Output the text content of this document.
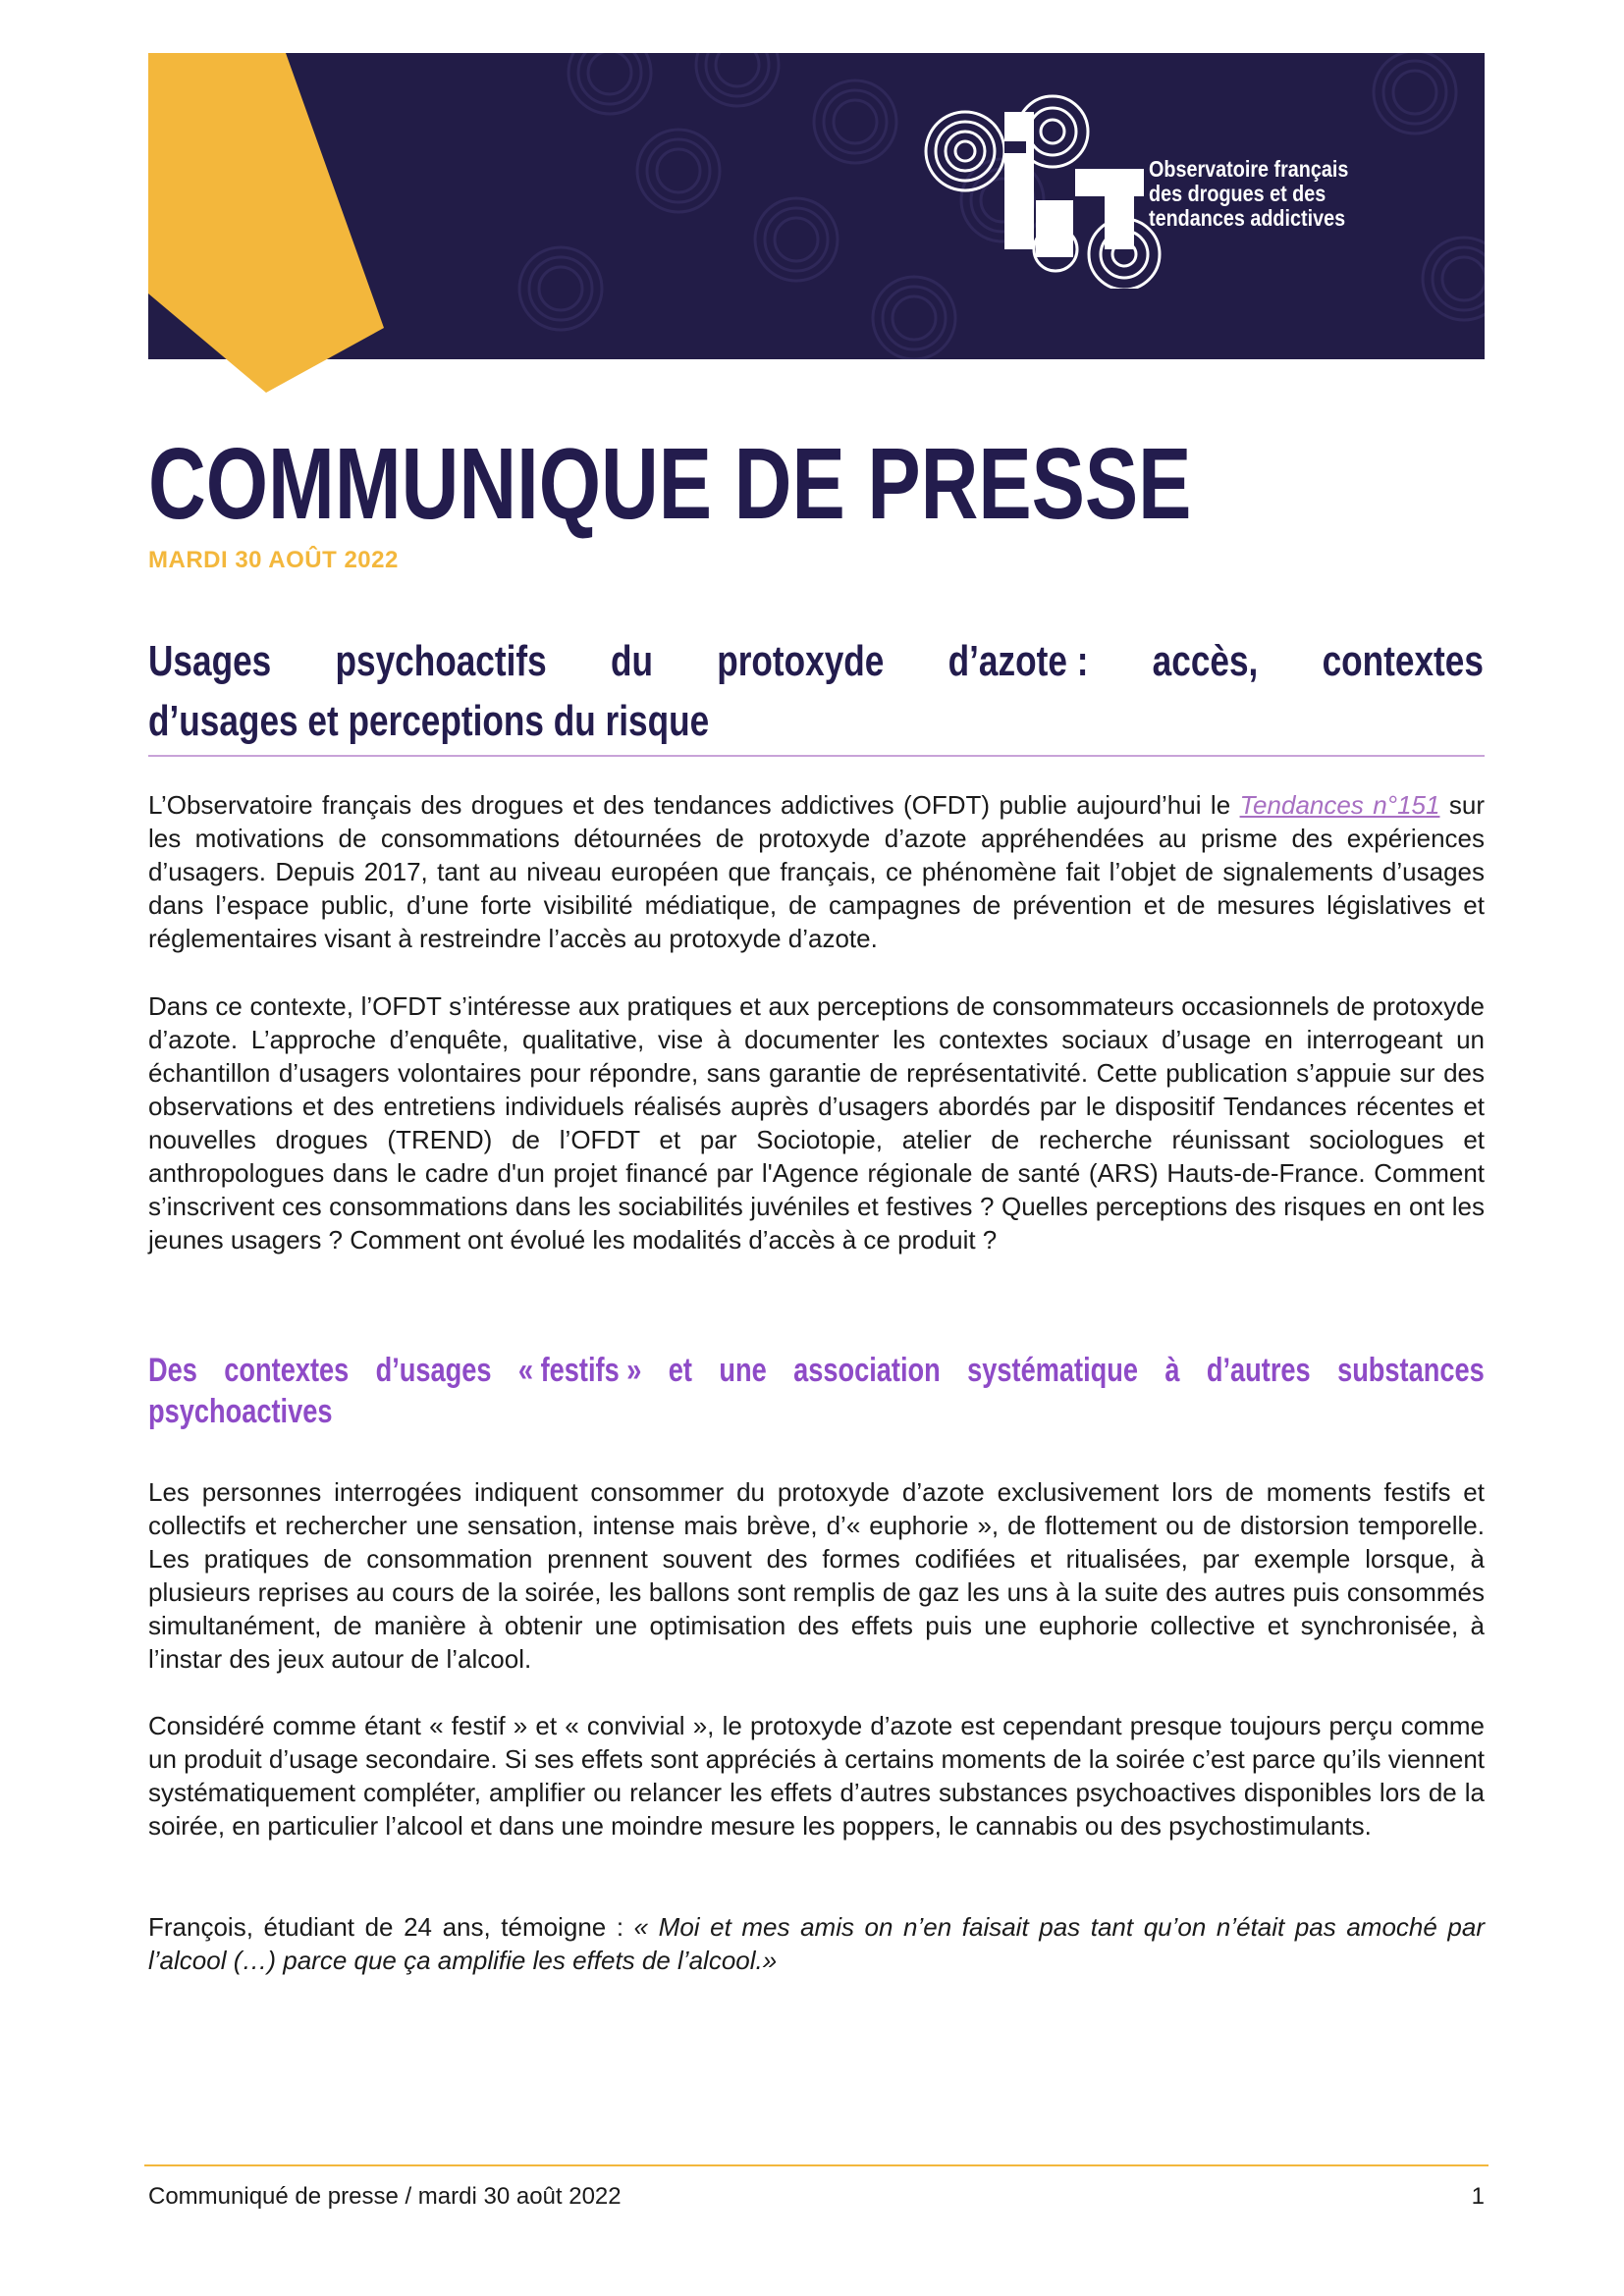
Observatoire français
des drogues et des
tendances addictives
COMMUNIQUE DE PRESSE
MARDI 30 AOÛT 2022
Usages psychoactifs du protoxyde d’azote : accès, contextes
d’usages et perceptions du risque

L’Observatoire français des drogues et des tendances addictives (OFDT) publie aujourd’hui le Tendances n°151 sur les motivations de consommations détournées de protoxyde d’azote appréhendées au prisme des expériences d’usagers. Depuis 2017, tant au niveau européen que français, ce phénomène fait l’objet de signalements d’usages dans l’espace public, d’une forte visibilité médiatique, de campagnes de prévention et de mesures législatives et réglementaires visant à restreindre l’accès au protoxyde d’azote.

Dans ce contexte, l’OFDT s’intéresse aux pratiques et aux perceptions de consommateurs occasionnels de protoxyde d’azote. L’approche d’enquête, qualitative, vise à documenter les contextes sociaux d’usage en interrogeant un échantillon d’usagers volontaires pour répondre, sans garantie de représentativité. Cette publication s’appuie sur des observations et des entretiens individuels réalisés auprès d’usagers abordés par le dispositif Tendances récentes et nouvelles drogues (TREND) de l’OFDT et par Sociotopie, atelier de recherche réunissant sociologues et anthropologues dans le cadre d'un projet financé par l'Agence régionale de santé (ARS) Hauts-de-France. Comment s’inscrivent ces consommations dans les sociabilités juvéniles et festives ? Quelles perceptions des risques en ont les jeunes usagers ? Comment ont évolué les modalités d’accès à ce produit ?

Des contextes d’usages « festifs » et une association systématique à d’autres substances
psychoactives

Les personnes interrogées indiquent consommer du protoxyde d’azote exclusivement lors de moments festifs et collectifs et rechercher une sensation, intense mais brève, d’« euphorie », de flottement ou de distorsion temporelle. Les pratiques de consommation prennent souvent des formes codifiées et ritualisées, par exemple lorsque, à plusieurs reprises au cours de la soirée, les ballons sont remplis de gaz les uns à la suite des autres puis consommés simultanément, de manière à obtenir une optimisation des effets puis une euphorie collective et synchronisée, à l’instar des jeux autour de l’alcool.

Considéré comme étant « festif » et « convivial », le protoxyde d’azote est cependant presque toujours perçu comme un produit d’usage secondaire. Si ses effets sont appréciés à certains moments de la soirée c’est parce qu’ils viennent systématiquement compléter, amplifier ou relancer les effets d’autres substances psychoactives disponibles lors de la soirée, en particulier l’alcool et dans une moindre mesure les poppers, le cannabis ou des psychostimulants.

François, étudiant de 24 ans, témoigne : « Moi et mes amis on n’en faisait pas tant qu’on n’était pas amoché par l’alcool (…) parce que ça amplifie les effets de l’alcool.»

Communiqué de presse / mardi 30 août 2022	1
